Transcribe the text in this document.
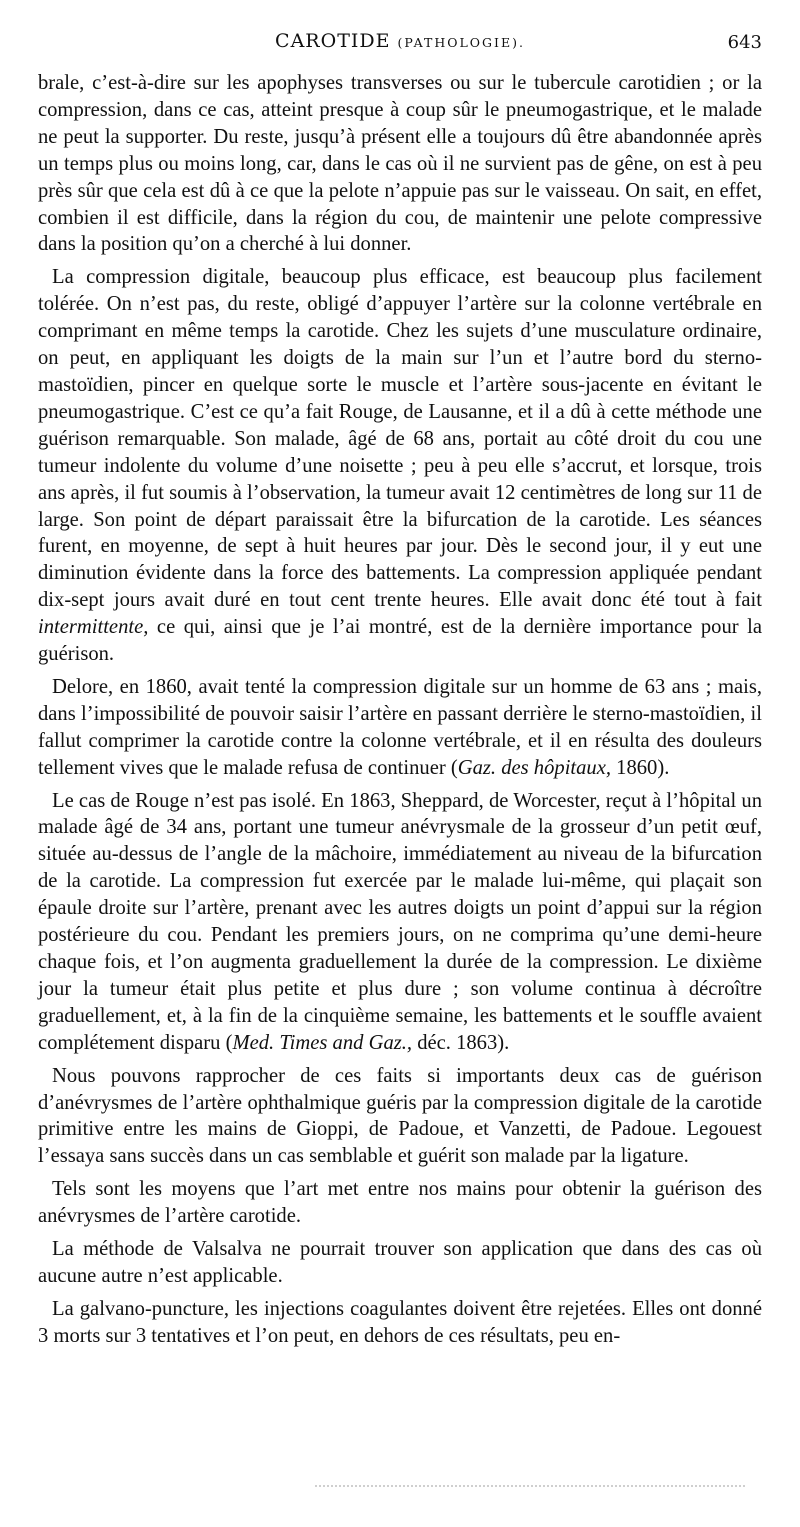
CAROTIDE (PATHOLOGIE).	643

brale, c’est-à-dire sur les apophyses transverses ou sur le tubercule carotidien ; or la compression, dans ce cas, atteint presque à coup sûr le pneumogastrique, et le malade ne peut la supporter. Du reste, jusqu’à présent elle a toujours dû être abandonnée après un temps plus ou moins long, car, dans le cas où il ne survient pas de gêne, on est à peu près sûr que cela est dû à ce que la pelote n’appuie pas sur le vaisseau. On sait, en effet, combien il est difficile, dans la région du cou, de maintenir une pelote compressive dans la position qu’on a cherché à lui donner.

La compression digitale, beaucoup plus efficace, est beaucoup plus facilement tolérée. On n’est pas, du reste, obligé d’appuyer l’artère sur la colonne vertébrale en comprimant en même temps la carotide. Chez les sujets d’une musculature ordinaire, on peut, en appliquant les doigts de la main sur l’un et l’autre bord du sterno-mastoïdien, pincer en quelque sorte le muscle et l’artère sous-jacente en évitant le pneumogastrique. C’est ce qu’a fait Rouge, de Lausanne, et il a dû à cette méthode une guérison remarquable. Son malade, âgé de 68 ans, portait au côté droit du cou une tumeur indolente du volume d’une noisette ; peu à peu elle s’accrut, et lorsque, trois ans après, il fut soumis à l’observation, la tumeur avait 12 centimètres de long sur 11 de large. Son point de départ paraissait être la bifurcation de la carotide. Les séances furent, en moyenne, de sept à huit heures par jour. Dès le second jour, il y eut une diminution évidente dans la force des battements. La compression appliquée pendant dix-sept jours avait duré en tout cent trente heures. Elle avait donc été tout à fait intermittente, ce qui, ainsi que je l’ai montré, est de la dernière importance pour la guérison.

Delore, en 1860, avait tenté la compression digitale sur un homme de 63 ans ; mais, dans l’impossibilité de pouvoir saisir l’artère en passant derrière le sterno-mastoïdien, il fallut comprimer la carotide contre la colonne vertébrale, et il en résulta des douleurs tellement vives que le malade refusa de continuer (Gaz. des hôpitaux, 1860).

Le cas de Rouge n’est pas isolé. En 1863, Sheppard, de Worcester, reçut à l’hôpital un malade âgé de 34 ans, portant une tumeur anévrysmale de la grosseur d’un petit œuf, située au-dessus de l’angle de la mâchoire, immédiatement au niveau de la bifurcation de la carotide. La compression fut exercée par le malade lui-même, qui plaçait son épaule droite sur l’artère, prenant avec les autres doigts un point d’appui sur la région postérieure du cou. Pendant les premiers jours, on ne comprima qu’une demi-heure chaque fois, et l’on augmenta graduellement la durée de la compression. Le dixième jour la tumeur était plus petite et plus dure ; son volume continua à décroître graduellement, et, à la fin de la cinquième semaine, les battements et le souffle avaient complétement disparu (Med. Times and Gaz., déc. 1863).

Nous pouvons rapprocher de ces faits si importants deux cas de guérison d’anévrysmes de l’artère ophthalmique guéris par la compression digitale de la carotide primitive entre les mains de Gioppi, de Padoue, et Vanzetti, de Padoue. Legouest l’essaya sans succès dans un cas semblable et guérit son malade par la ligature.

Tels sont les moyens que l’art met entre nos mains pour obtenir la guérison des anévrysmes de l’artère carotide.

La méthode de Valsalva ne pourrait trouver son application que dans des cas où aucune autre n’est applicable.

La galvano-puncture, les injections coagulantes doivent être rejetées. Elles ont donné 3 morts sur 3 tentatives et l’on peut, en dehors de ces résultats, peu en-
